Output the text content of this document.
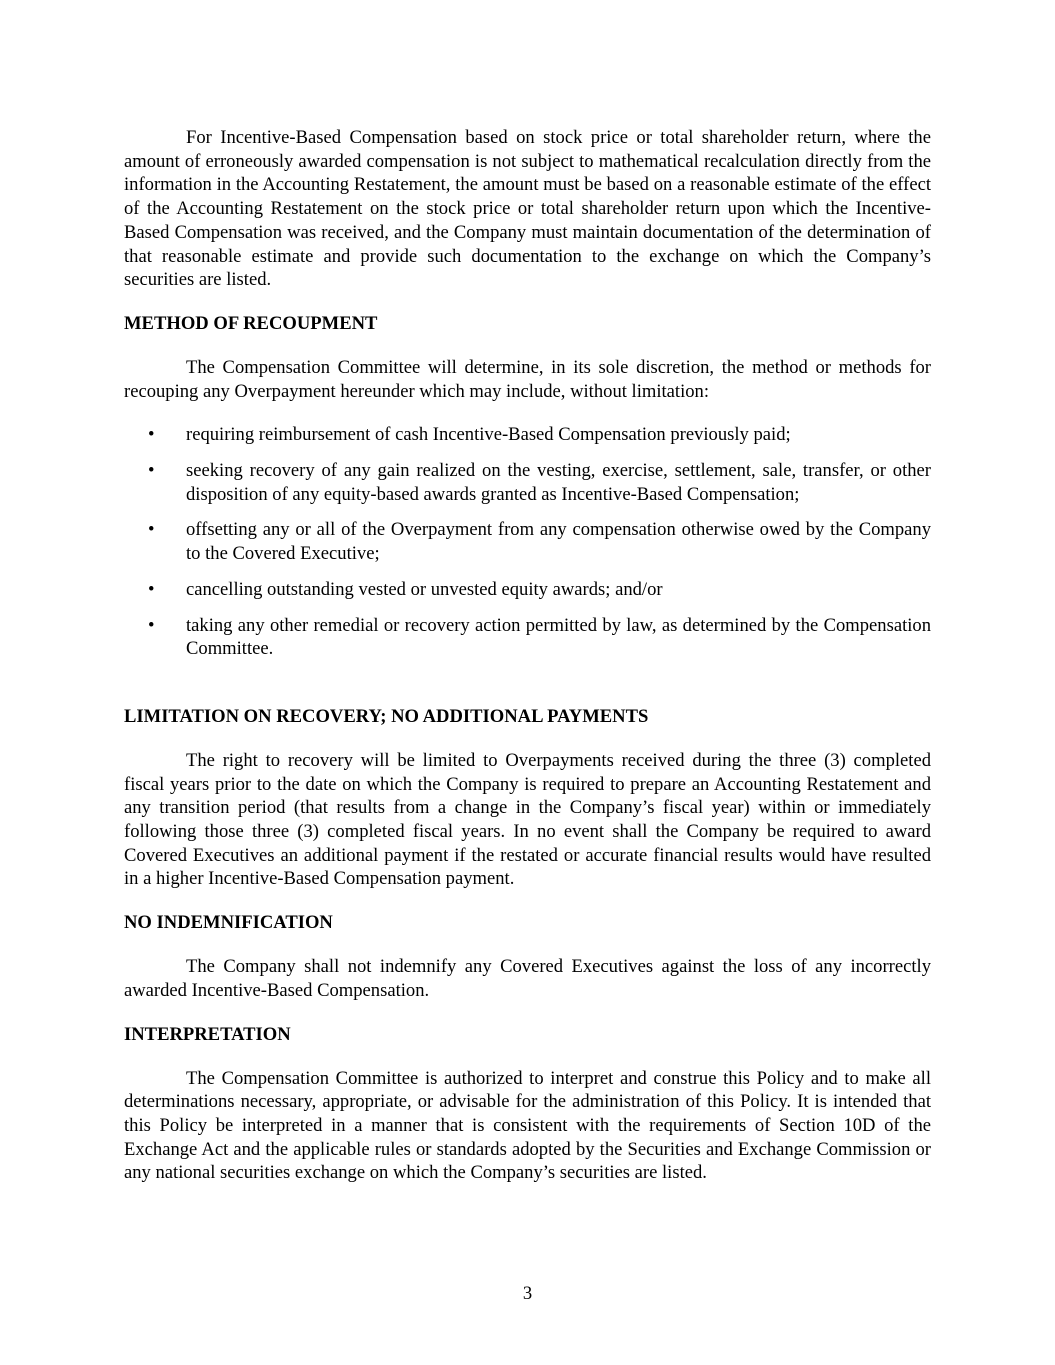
For Incentive-Based Compensation based on stock price or total shareholder return, where the amount of erroneously awarded compensation is not subject to mathematical recalculation directly from the information in the Accounting Restatement, the amount must be based on a reasonable estimate of the effect of the Accounting Restatement on the stock price or total shareholder return upon which the Incentive-Based Compensation was received, and the Company must maintain documentation of the determination of that reasonable estimate and provide such documentation to the exchange on which the Company’s securities are listed.

METHOD OF RECOUPMENT

The Compensation Committee will determine, in its sole discretion, the method or methods for recouping any Overpayment hereunder which may include, without limitation:

• requiring reimbursement of cash Incentive-Based Compensation previously paid;
• seeking recovery of any gain realized on the vesting, exercise, settlement, sale, transfer, or other disposition of any equity-based awards granted as Incentive-Based Compensation;
• offsetting any or all of the Overpayment from any compensation otherwise owed by the Company to the Covered Executive;
• cancelling outstanding vested or unvested equity awards; and/or
• taking any other remedial or recovery action permitted by law, as determined by the Compensation Committee.
LIMITATION ON RECOVERY; NO ADDITIONAL PAYMENTS

The right to recovery will be limited to Overpayments received during the three (3) completed fiscal years prior to the date on which the Company is required to prepare an Accounting Restatement and any transition period (that results from a change in the Company’s fiscal year) within or immediately following those three (3) completed fiscal years. In no event shall the Company be required to award Covered Executives an additional payment if the restated or accurate financial results would have resulted in a higher Incentive-Based Compensation payment.

NO INDEMNIFICATION

The Company shall not indemnify any Covered Executives against the loss of any incorrectly awarded Incentive-Based Compensation.

INTERPRETATION

The Compensation Committee is authorized to interpret and construe this Policy and to make all determinations necessary, appropriate, or advisable for the administration of this Policy. It is intended that this Policy be interpreted in a manner that is consistent with the requirements of Section 10D of the Exchange Act and the applicable rules or standards adopted by the Securities and Exchange Commission or any national securities exchange on which the Company’s securities are listed.

3
